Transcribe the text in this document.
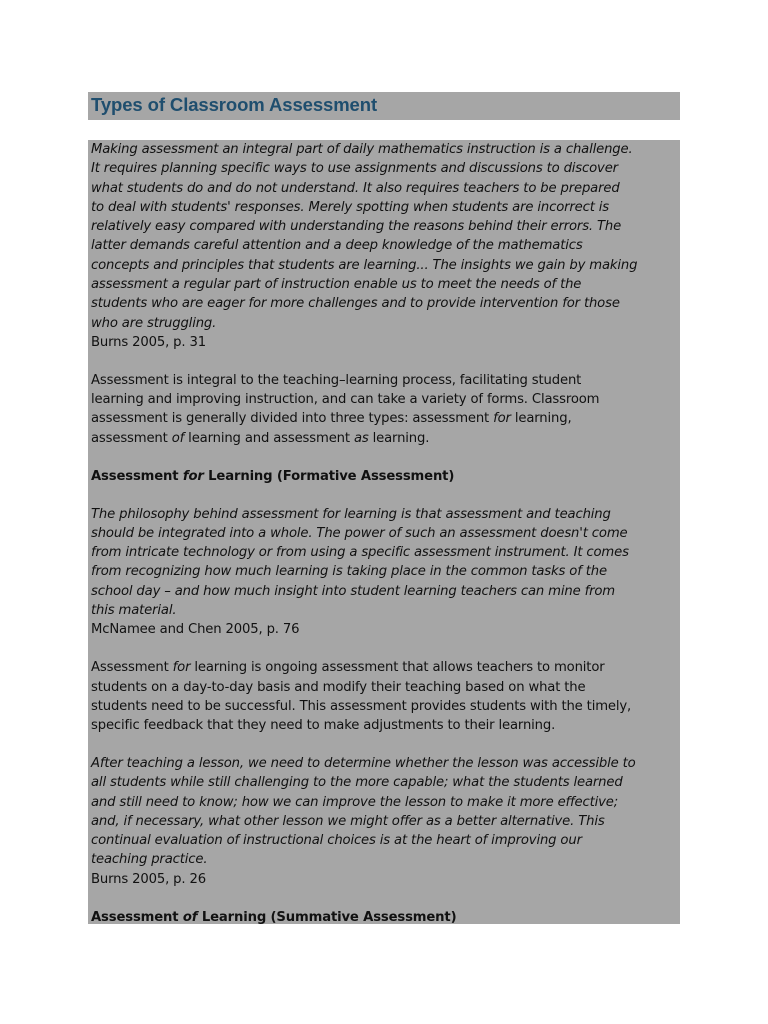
Types of Classroom Assessment
Making assessment an integral part of daily mathematics instruction is a challenge.
It requires planning specific ways to use assignments and discussions to discover
what students do and do not understand. It also requires teachers to be prepared
to deal with students' responses. Merely spotting when students are incorrect is
relatively easy compared with understanding the reasons behind their errors. The
latter demands careful attention and a deep knowledge of the mathematics
concepts and principles that students are learning... The insights we gain by making
assessment a regular part of instruction enable us to meet the needs of the
students who are eager for more challenges and to provide intervention for those
who are struggling.
Burns 2005, p. 31
Assessment is integral to the teaching–learning process, facilitating student
learning and improving instruction, and can take a variety of forms. Classroom
assessment is generally divided into three types: assessment for learning,
assessment of learning and assessment as learning.
Assessment for Learning (Formative Assessment)
The philosophy behind assessment for learning is that assessment and teaching
should be integrated into a whole. The power of such an assessment doesn't come
from intricate technology or from using a specific assessment instrument. It comes
from recognizing how much learning is taking place in the common tasks of the
school day – and how much insight into student learning teachers can mine from
this material.
McNamee and Chen 2005, p. 76
Assessment for learning is ongoing assessment that allows teachers to monitor
students on a day-to-day basis and modify their teaching based on what the
students need to be successful. This assessment provides students with the timely,
specific feedback that they need to make adjustments to their learning.
After teaching a lesson, we need to determine whether the lesson was accessible to
all students while still challenging to the more capable; what the students learned
and still need to know; how we can improve the lesson to make it more effective;
and, if necessary, what other lesson we might offer as a better alternative. This
continual evaluation of instructional choices is at the heart of improving our
teaching practice.
Burns 2005, p. 26
Assessment of Learning (Summative Assessment)
